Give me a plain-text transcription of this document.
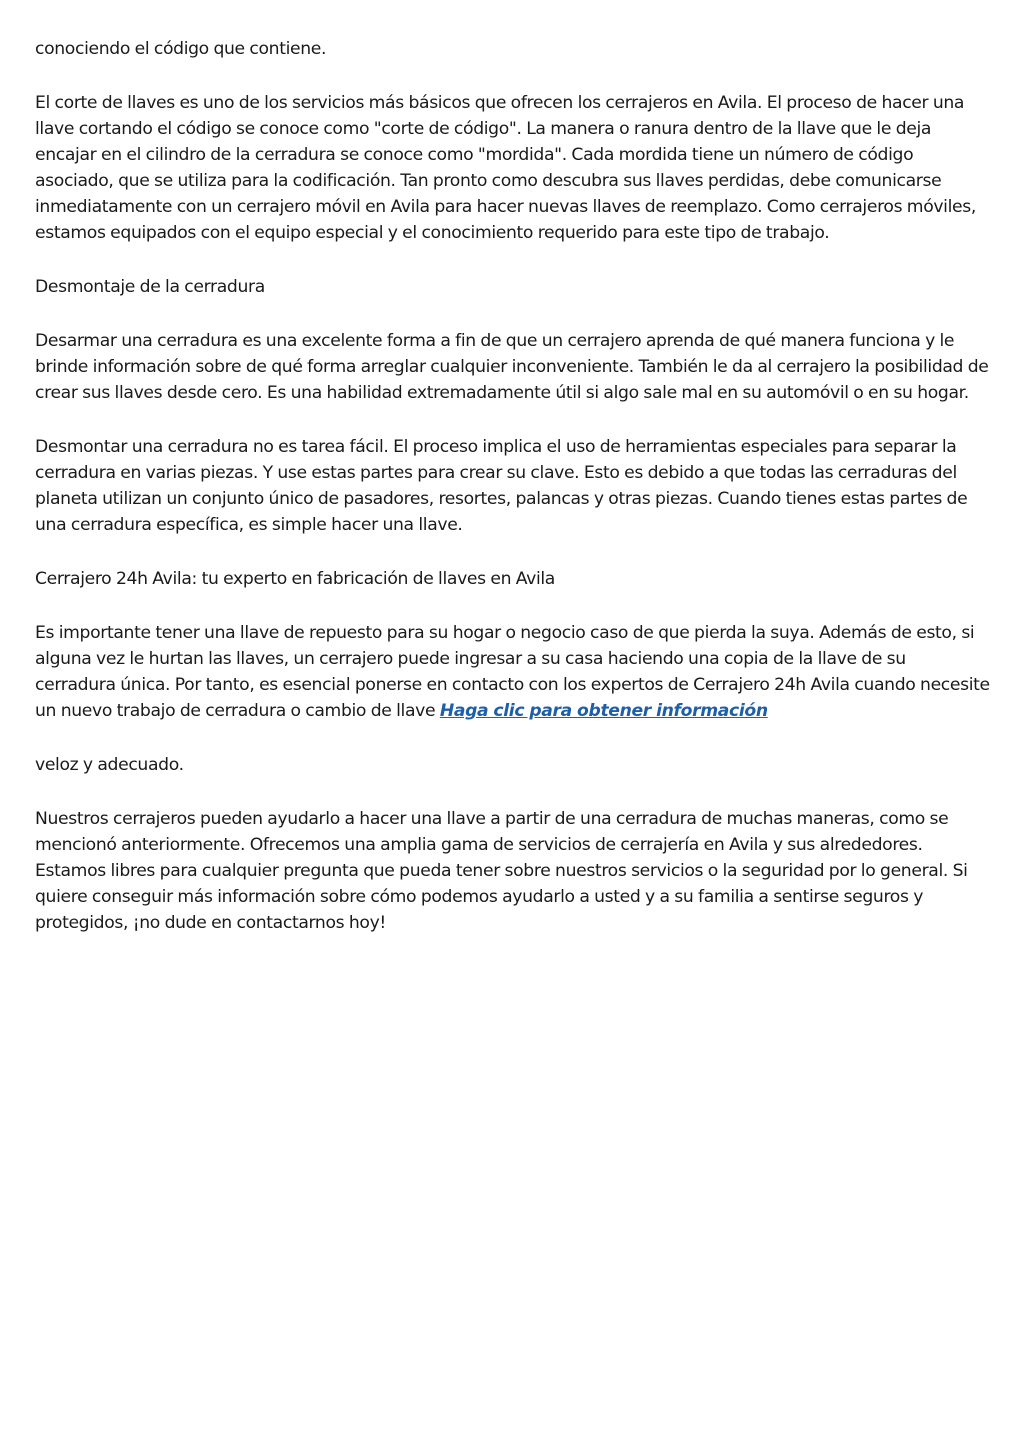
conociendo el código que contiene.

El corte de llaves es uno de los servicios más básicos que ofrecen los cerrajeros en Avila. El proceso de hacer una llave cortando el código se conoce como "corte de código". La manera o ranura dentro de la llave que le deja encajar en el cilindro de la cerradura se conoce como "mordida". Cada mordida tiene un número de código asociado, que se utiliza para la codificación. Tan pronto como descubra sus llaves perdidas, debe comunicarse inmediatamente con un cerrajero móvil en Avila para hacer nuevas llaves de reemplazo. Como cerrajeros móviles, estamos equipados con el equipo especial y el conocimiento requerido para este tipo de trabajo.

Desmontaje de la cerradura

Desarmar una cerradura es una excelente forma a fin de que un cerrajero aprenda de qué manera funciona y le brinde información sobre de qué forma arreglar cualquier inconveniente. También le da al cerrajero la posibilidad de crear sus llaves desde cero. Es una habilidad extremadamente útil si algo sale mal en su automóvil o en su hogar.

Desmontar una cerradura no es tarea fácil. El proceso implica el uso de herramientas especiales para separar la cerradura en varias piezas. Y use estas partes para crear su clave. Esto es debido a que todas las cerraduras del planeta utilizan un conjunto único de pasadores, resortes, palancas y otras piezas. Cuando tienes estas partes de una cerradura específica, es simple hacer una llave.

Cerrajero 24h Avila: tu experto en fabricación de llaves en Avila

Es importante tener una llave de repuesto para su hogar o negocio caso de que pierda la suya. Además de esto, si alguna vez le hurtan las llaves, un cerrajero puede ingresar a su casa haciendo una copia de la llave de su cerradura única. Por tanto, es esencial ponerse en contacto con los expertos de Cerrajero 24h Avila cuando necesite un nuevo trabajo de cerradura o cambio de llave Haga clic para obtener información

veloz y adecuado.

Nuestros cerrajeros pueden ayudarlo a hacer una llave a partir de una cerradura de muchas maneras, como se mencionó anteriormente. Ofrecemos una amplia gama de servicios de cerrajería en Avila y sus alrededores. Estamos libres para cualquier pregunta que pueda tener sobre nuestros servicios o la seguridad por lo general. Si quiere conseguir más información sobre cómo podemos ayudarlo a usted y a su familia a sentirse seguros y protegidos, ¡no dude en contactarnos hoy!
